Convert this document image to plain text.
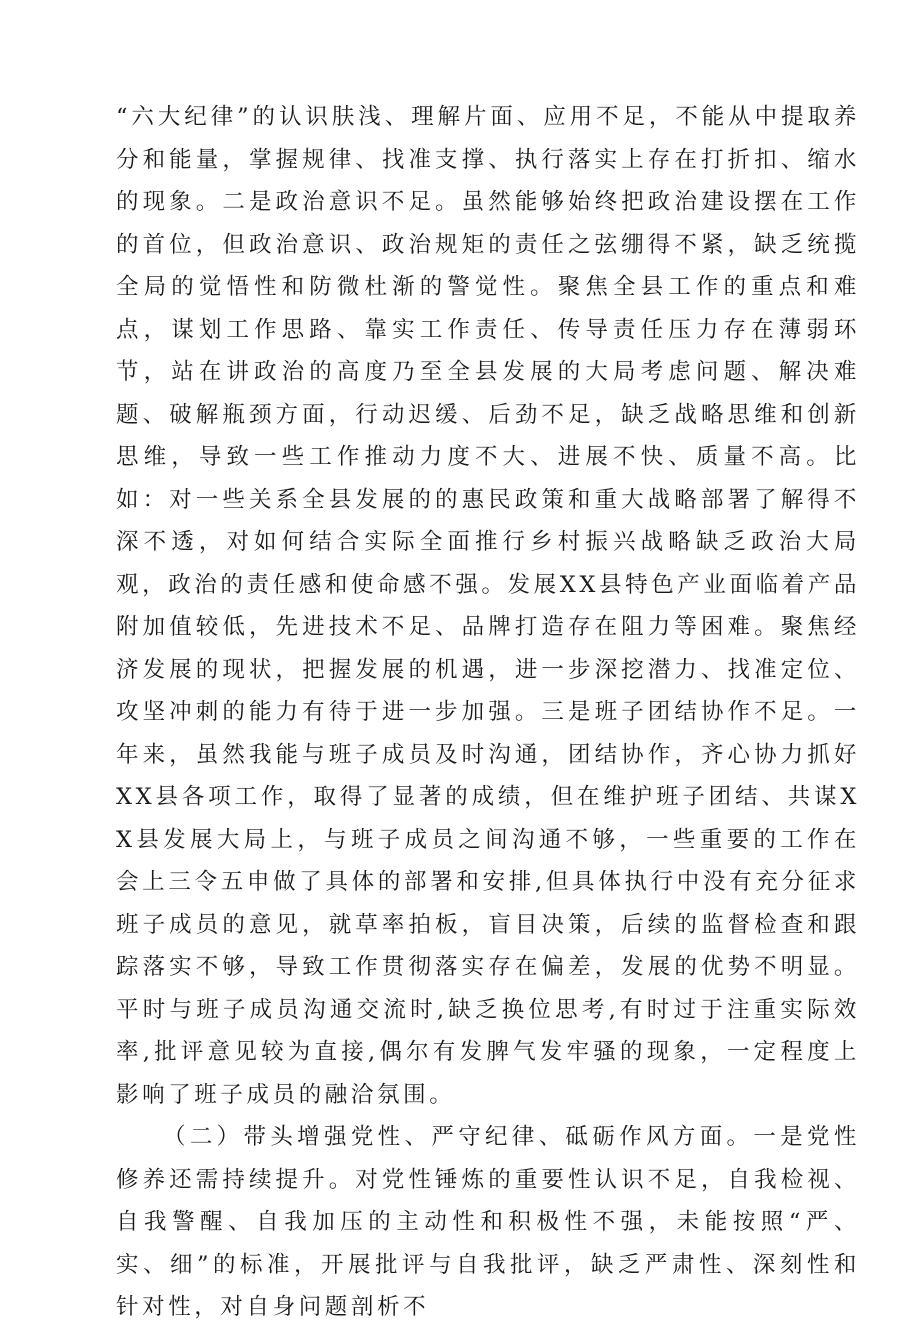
“六大纪律”的认识肤浅、理解片面、应用不足，不能从中提取养分和能量，掌握规律、找准支撑、执行落实上存在打折扣、缩水的现象。二是政治意识不足。虽然能够始终把政治建设摆在工作的首位，但政治意识、政治规矩的责任之弦绷得不紧，缺乏统揽全局的觉悟性和防微杜渐的警觉性。聚焦全县工作的重点和难点，谋划工作思路、靠实工作责任、传导责任压力存在薄弱环节，站在讲政治的高度乃至全县发展的大局考虑问题、解决难题、破解瓶颈方面，行动迟缓、后劲不足，缺乏战略思维和创新思维，导致一些工作推动力度不大、进展不快、质量不高。比如：对一些关系全县发展的的惠民政策和重大战略部署了解得不深不透，对如何结合实际全面推行乡村振兴战略缺乏政治大局观，政治的责任感和使命感不强。发展XX县特色产业面临着产品附加值较低，先进技术不足、品牌打造存在阻力等困难。聚焦经济发展的现状，把握发展的机遇，进一步深挖潜力、找准定位、攻坚冲刺的能力有待于进一步加强。三是班子团结协作不足。一年来，虽然我能与班子成员及时沟通，团结协作，齐心协力抓好XX县各项工作，取得了显著的成绩，但在维护班子团结、共谋XX县发展大局上，与班子成员之间沟通不够，一些重要的工作在会上三令五申做了具体的部署和安排,但具体执行中没有充分征求班子成员的意见，就草率拍板，盲目决策，后续的监督检查和跟踪落实不够，导致工作贯彻落实存在偏差，发展的优势不明显。平时与班子成员沟通交流时,缺乏换位思考,有时过于注重实际效率,批评意见较为直接,偶尔有发脾气发牢骚的现象，一定程度上影响了班子成员的融洽氛围。

（二）带头增强党性、严守纪律、砥砺作风方面。一是党性修养还需持续提升。对党性锤炼的重要性认识不足，自我检视、自我警醒、自我加压的主动性和积极性不强，未能按照“严、实、细”的标准，开展批评与自我批评，缺乏严肃性、深刻性和针对性，对自身问题剖析不
